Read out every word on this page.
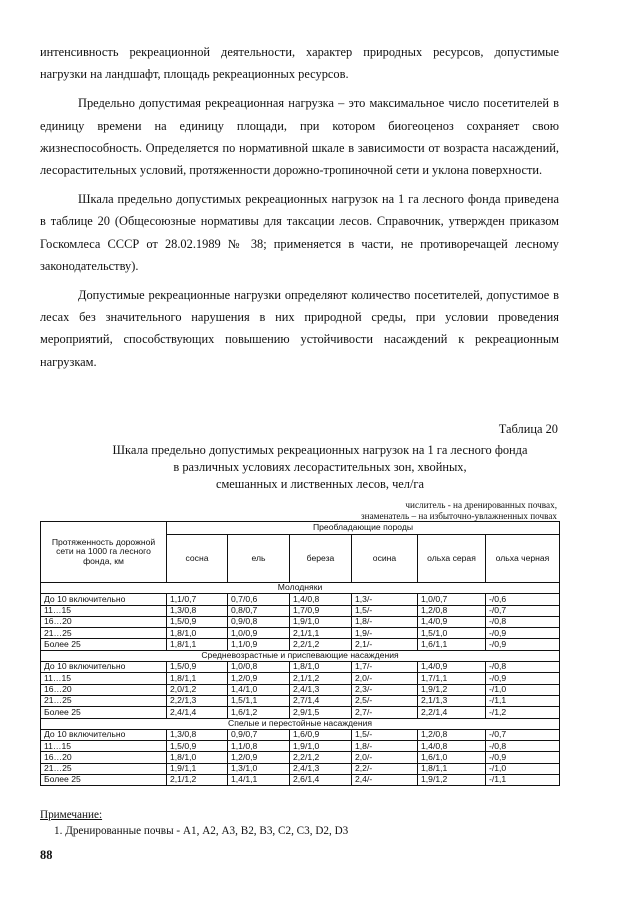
интенсивность рекреационной деятельности, характер природных ресурсов, допустимые нагрузки на ландшафт, площадь рекреационных ресурсов.

Предельно допустимая рекреационная нагрузка – это максимальное число посетителей в единицу времени на единицу площади, при котором биогеоценоз сохраняет свою жизнеспособность. Определяется по нормативной шкале в зависимости от возраста насаждений, лесорастительных условий, протяженности дорожно-тропиночной сети и уклона поверхности.

Шкала предельно допустимых рекреационных нагрузок на 1 га лесного фонда приведена в таблице 20 (Общесоюзные нормативы для таксации лесов. Справочник, утвержден приказом Госкомлеса СССР от 28.02.1989 № 38; применяется в части, не противоречащей лесному законодательству).

Допустимые рекреационные нагрузки определяют количество посетителей, допустимое в лесах без значительного нарушения в них природной среды, при условии проведения мероприятий, способствующих повышению устойчивости насаждений к рекреационным нагрузкам.

Таблица 20
Шкала предельно допустимых рекреационных нагрузок на 1 га лесного фонда
в различных условиях лесорастительных зон, хвойных,
смешанных и лиственных лесов, чел/га
числитель - на дренированных почвах,
знаменатель – на избыточно-увлажненных почвах
Протяженность дорожной сети на 1000 га лесного фонда, км	Преобладающие породы					
	сосна	ель	береза	осина	ольха серая	ольха черная
Молодняки						
До 10 включительно	1,1/0,7	0,7/0,6	1,4/0,8	1,3/-	1,0/0,7	-/0,6
11…15	1,3/0,8	0,8/0,7	1,7/0,9	1,5/-	1,2/0,8	-/0,7
16…20	1,5/0,9	0,9/0,8	1,9/1,0	1,8/-	1,4/0,9	-/0,8
21…25	1,8/1,0	1,0/0,9	2,1/1,1	1,9/-	1,5/1,0	-/0,9
Более 25	1,8/1,1	1,1/0,9	2,2/1,2	2,1/-	1,6/1,1	-/0,9
Средневозрастные и приспевающие насаждения						
До 10 включительно	1,5/0,9	1,0/0,8	1,8/1,0	1,7/-	1,4/0,9	-/0,8
11…15	1,8/1,1	1,2/0,9	2,1/1,2	2,0/-	1,7/1,1	-/0,9
16…20	2,0/1,2	1,4/1,0	2,4/1,3	2,3/-	1,9/1,2	-/1,0
21…25	2,2/1,3	1,5/1,1	2,7/1,4	2,5/-	2,1/1,3	-/1,1
Более 25	2,4/1,4	1,6/1,2	2,9/1,5	2,7/-	2,2/1,4	-/1,2
Спелые и перестойные насаждения						
До 10 включительно	1,3/0,8	0,9/0,7	1,6/0,9	1,5/-	1,2/0,8	-/0,7
11…15	1,5/0,9	1,1/0,8	1,9/1,0	1,8/-	1,4/0,8	-/0,8
16…20	1,8/1,0	1,2/0,9	2,2/1,2	2,0/-	1,6/1,0	-/0,9
21…25	1,9/1,1	1,3/1,0	2,4/1,3	2,2/-	1,8/1,1	-/1,0
Более 25	2,1/1,2	1,4/1,1	2,6/1,4	2,4/-	1,9/1,2	-/1,1
Примечание:
1. Дренированные почвы - А1, А2, А3, В2, В3, С2, С3, D2, D3
88
